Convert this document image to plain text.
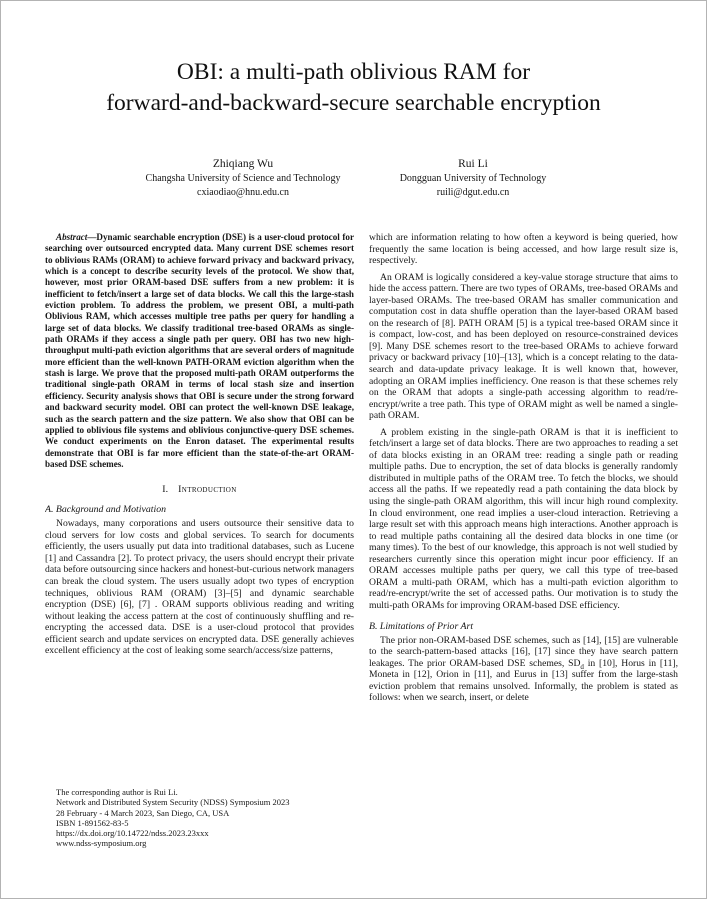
OBI: a multi-path oblivious RAM for
forward-and-backward-secure searchable encryption
Zhiqiang Wu
Changsha University of Science and Technology
cxiaodiao@hnu.edu.cn
Rui Li
Dongguan University of Technology
ruili@dgut.edu.cn

Abstract—Dynamic searchable encryption (DSE) is a user-cloud protocol for searching over outsourced encrypted data. Many current DSE schemes resort to oblivious RAMs (ORAM) to achieve forward privacy and backward privacy, which is a concept to describe security levels of the protocol. We show that, however, most prior ORAM-based DSE suffers from a new problem: it is inefficient to fetch/insert a large set of data blocks. We call this the large-stash eviction problem. To address the problem, we present OBI, a multi-path Oblivious RAM, which accesses multiple tree paths per query for handling a large set of data blocks. We classify traditional tree-based ORAMs as single-path ORAMs if they access a single path per query. OBI has two new high-throughput multi-path eviction algorithms that are several orders of magnitude more efficient than the well-known PATH-ORAM eviction algorithm when the stash is large. We prove that the proposed multi-path ORAM outperforms the traditional single-path ORAM in terms of local stash size and insertion efficiency. Security analysis shows that OBI is secure under the strong forward and backward security model. OBI can protect the well-known DSE leakage, such as the search pattern and the size pattern. We also show that OBI can be applied to oblivious file systems and oblivious conjunctive-query DSE schemes. We conduct experiments on the Enron dataset. The experimental results demonstrate that OBI is far more efficient than the state-of-the-art ORAM-based DSE schemes.

I. Introduction
A. Background and Motivation

Nowadays, many corporations and users outsource their sensitive data to cloud servers for low costs and global services. To search for documents efficiently, the users usually put data into traditional databases, such as Lucene [1] and Cassandra [2]. To protect privacy, the users should encrypt their private data before outsourcing since hackers and honest-but-curious network managers can break the cloud system. The users usually adopt two types of encryption techniques, oblivious RAM (ORAM) [3]–[5] and dynamic searchable encryption (DSE) [6], [7] . ORAM supports oblivious reading and writing without leaking the access pattern at the cost of continuously shuffling and re-encrypting the accessed data. DSE is a user-cloud protocol that provides efficient search and update services on encrypted data. DSE generally achieves excellent efficiency at the cost of leaking some search/access/size patterns,

which are information relating to how often a keyword is being queried, how frequently the same location is being accessed, and how large result size is, respectively.

An ORAM is logically considered a key-value storage structure that aims to hide the access pattern. There are two types of ORAMs, tree-based ORAMs and layer-based ORAMs. The tree-based ORAM has smaller communication and computation cost in data shuffle operation than the layer-based ORAM based on the research of [8]. PATH ORAM [5] is a typical tree-based ORAM since it is compact, low-cost, and has been deployed on resource-constrained devices [9]. Many DSE schemes resort to the tree-based ORAMs to achieve forward privacy or backward privacy [10]–[13], which is a concept relating to the data-search and data-update privacy leakage. It is well known that, however, adopting an ORAM implies inefficiency. One reason is that these schemes rely on the ORAM that adopts a single-path accessing algorithm to read/re-encrypt/write a tree path. This type of ORAM might as well be named a single-path ORAM.

A problem existing in the single-path ORAM is that it is inefficient to fetch/insert a large set of data blocks. There are two approaches to reading a set of data blocks existing in an ORAM tree: reading a single path or reading multiple paths. Due to encryption, the set of data blocks is generally randomly distributed in multiple paths of the ORAM tree. To fetch the blocks, we should access all the paths. If we repeatedly read a path containing the data block by using the single-path ORAM algorithm, this will incur high round complexity. In cloud environment, one read implies a user-cloud interaction. Retrieving a large result set with this approach means high interactions. Another approach is to read multiple paths containing all the desired data blocks in one time (or many times). To the best of our knowledge, this approach is not well studied by researchers currently since this operation might incur poor efficiency. If an ORAM accesses multiple paths per query, we call this type of tree-based ORAM a multi-path ORAM, which has a multi-path eviction algorithm to read/re-encrypt/write the set of accessed paths. Our motivation is to study the multi-path ORAMs for improving ORAM-based DSE efficiency.

B. Limitations of Prior Art

The prior non-ORAM-based DSE schemes, such as [14], [15] are vulnerable to the search-pattern-based attacks [16], [17] since they have search pattern leakages. The prior ORAM-based DSE schemes, $SD_d$ in [10], Horus in [11], Moneta in [12], Orion in [11], and Eurus in [13] suffer from the large-stash eviction problem that remains unsolved. Informally, the problem is stated as follows: when we search, insert, or delete

The corresponding author is Rui Li.
Network and Distributed System Security (NDSS) Symposium 2023
28 February - 4 March 2023, San Diego, CA, USA
ISBN 1-891562-83-5
https://dx.doi.org/10.14722/ndss.2023.23xxx
www.ndss-symposium.org
